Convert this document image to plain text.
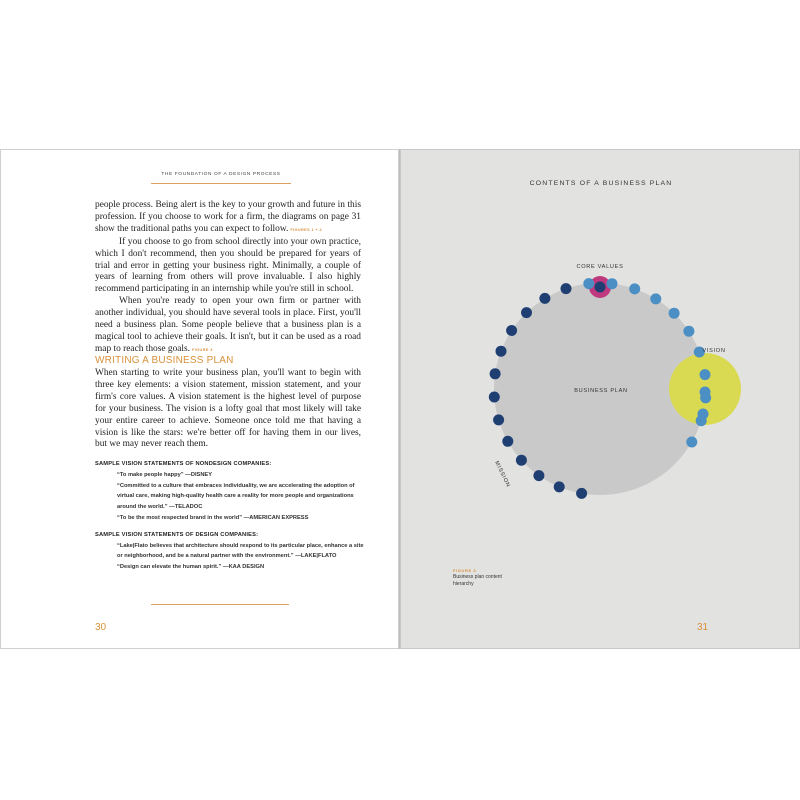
THE FOUNDATION OF A DESIGN PROCESS

people process. Being alert is the key to your growth and future in this profession. If you choose to work for a firm, the diagrams on page 31 show the traditional paths you can expect to follow. FIGURES 1 + 2

If you choose to go from school directly into your own practice, which I don't recommend, then you should be prepared for years of trial and error in getting your business right. Minimally, a couple of years of learning from others will prove invaluable. I also highly recommend participating in an internship while you're still in school.

When you're ready to open your own firm or partner with another individual, you should have several tools in place. First, you'll need a business plan. Some people believe that a business plan is a magical tool to achieve their goals. It isn't, but it can be used as a road map to reach those goals. FIGURE 3

WRITING A BUSINESS PLAN
When starting to write your business plan, you'll want to begin with three key elements: a vision statement, mission statement, and your firm's core values. A vision statement is the highest level of purpose for your business. The vision is a lofty goal that most likely will take your entire career to achieve. Someone once told me that having a vision is like the stars: we're better off for having them in our lives, but we may never reach them.
SAMPLE VISION STATEMENTS OF NONDESIGN COMPANIES:
“To make people happy” —DISNEY
“Committed to a culture that embraces individuality, we are accelerating the adoption of virtual care, making high-quality health care a reality for more people and organizations around the world.” —TELADOC
“To be the most respected brand in the world” —AMERICAN EXPRESS
SAMPLE VISION STATEMENTS OF DESIGN COMPANIES:
“Lake|Flato believes that architecture should respond to its particular place, enhance a site or neighborhood, and be a natural partner with the environment.” —LAKE|FLATO
“Design can elevate the human spirit.” —KAA DESIGN
30
CONTENTS OF A BUSINESS PLAN
CORE VALUES
VISION
BUSINESS PLAN
MISSION
FIGURE 3
Business plan content hierarchy
31
